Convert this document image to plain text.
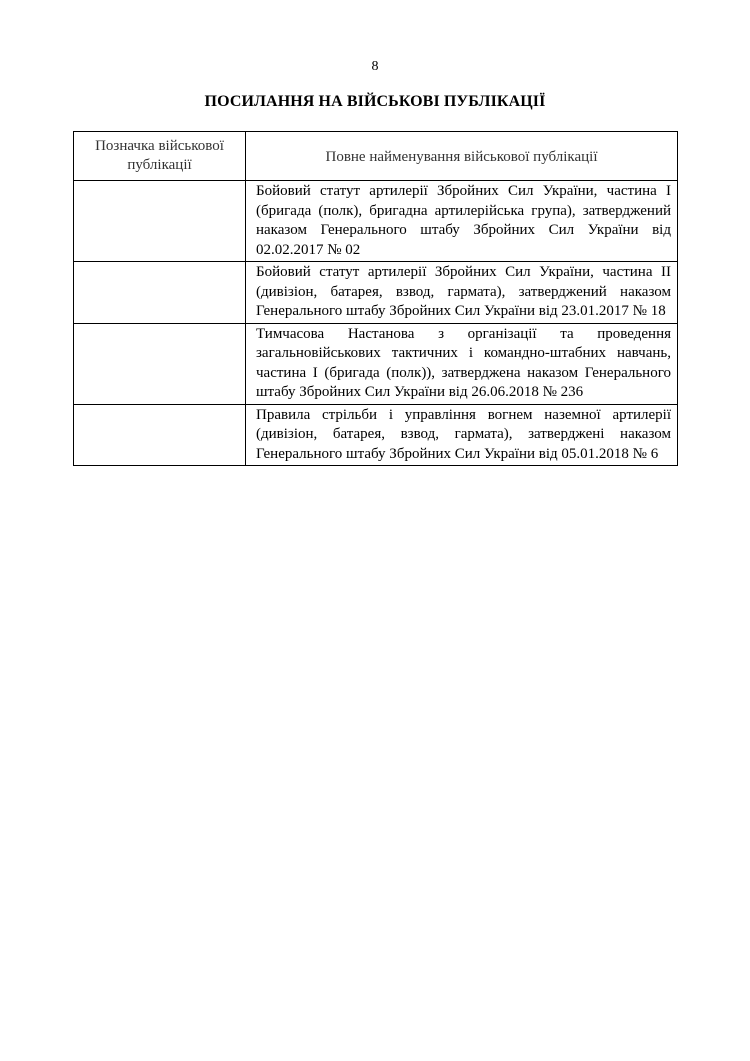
8
ПОСИЛАННЯ НА ВІЙСЬКОВІ ПУБЛІКАЦІЇ
Позначка військової публікації	Повне найменування військової публікації
	Бойовий статут артилерії Збройних Сил України, частина І (бригада (полк), бригадна артилерійська група), затверджений наказом Генерального штабу Збройних Сил України від 02.02.2017 № 02
	Бойовий статут артилерії Збройних Сил України, частина ІІ (дивізіон, батарея, взвод, гармата), затверджений наказом Генерального штабу Збройних Сил України від 23.01.2017 № 18
	Тимчасова Настанова з організації та проведення загальновійськових тактичних і командно-штабних навчань, частина І (бригада (полк)), затверджена наказом Генерального штабу Збройних Сил України від 26.06.2018 № 236
	Правила стрільби і управління вогнем наземної артилерії (дивізіон, батарея, взвод, гармата), затверджені наказом Генерального штабу Збройних Сил України від 05.01.2018 № 6
